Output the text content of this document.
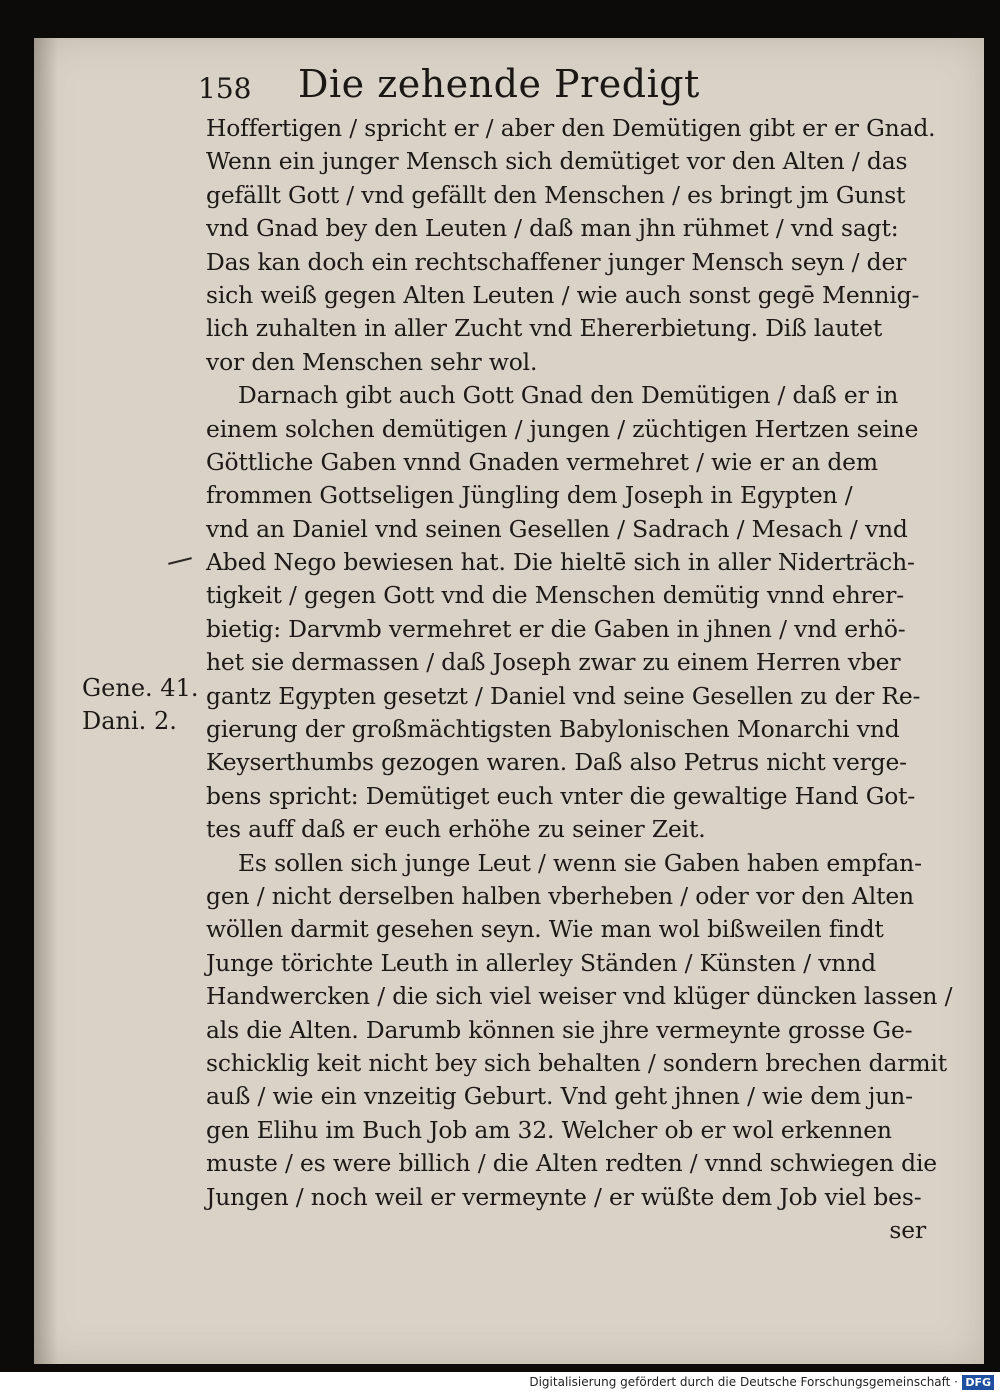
158 Die zehende Predigt
Hoffertigen / spricht er / aber den Demütigen gibt er er Gnad.
Wenn ein junger Mensch sich demütiget vor den Alten / das
gefällt Gott / vnd gefällt den Menschen / es bringt jm Gunst
vnd Gnad bey den Leuten / daß man jhn rühmet / vnd sagt:
Das kan doch ein rechtschaffener junger Mensch seyn / der
sich weiß gegen Alten Leuten / wie auch sonst gegē Mennig-
lich zuhalten in aller Zucht vnd Ehererbietung. Diß lautet
vor den Menschen sehr wol.
Darnach gibt auch Gott Gnad den Demütigen / daß er in
einem solchen demütigen / jungen / züchtigen Hertzen seine
Göttliche Gaben vnnd Gnaden vermehret / wie er an dem
frommen Gottseligen Jüngling dem Joseph in Egypten /
vnd an Daniel vnd seinen Gesellen / Sadrach / Mesach / vnd
Abed Nego bewiesen hat. Die hieltē sich in aller Niderträch-
tigkeit / gegen Gott vnd die Menschen demütig vnnd ehrer-
bietig: Darvmb vermehret er die Gaben in jhnen / vnd erhö-
het sie dermassen / daß Joseph zwar zu einem Herren vber
gantz Egypten gesetzt / Daniel vnd seine Gesellen zu der Re-
gierung der großmächtigsten Babylonischen Monarchi vnd
Keyserthumbs gezogen waren. Daß also Petrus nicht verge-
bens spricht: Demütiget euch vnter die gewaltige Hand Got-
tes auff daß er euch erhöhe zu seiner Zeit.
Es sollen sich junge Leut / wenn sie Gaben haben empfan-
gen / nicht derselben halben vberheben / oder vor den Alten
wöllen darmit gesehen seyn. Wie man wol bißweilen findt
Junge törichte Leuth in allerley Ständen / Künsten / vnnd
Handwercken / die sich viel weiser vnd klüger düncken lassen /
als die Alten. Darumb können sie jhre vermeynte grosse Ge-
schicklig keit nicht bey sich behalten / sondern brechen darmit
auß / wie ein vnzeitig Geburt. Vnd geht jhnen / wie dem jun-
gen Elihu im Buch Job am 32. Welcher ob er wol erkennen
muste / es were billich / die Alten redten / vnnd schwiegen die
Jungen / noch weil er vermeynte / er wüßte dem Job viel bes-
ser
Gene. 41.
Dani. 2.
Digitalisierung gefördert durch die Deutsche Forschungsgemeinschaft · DFG
